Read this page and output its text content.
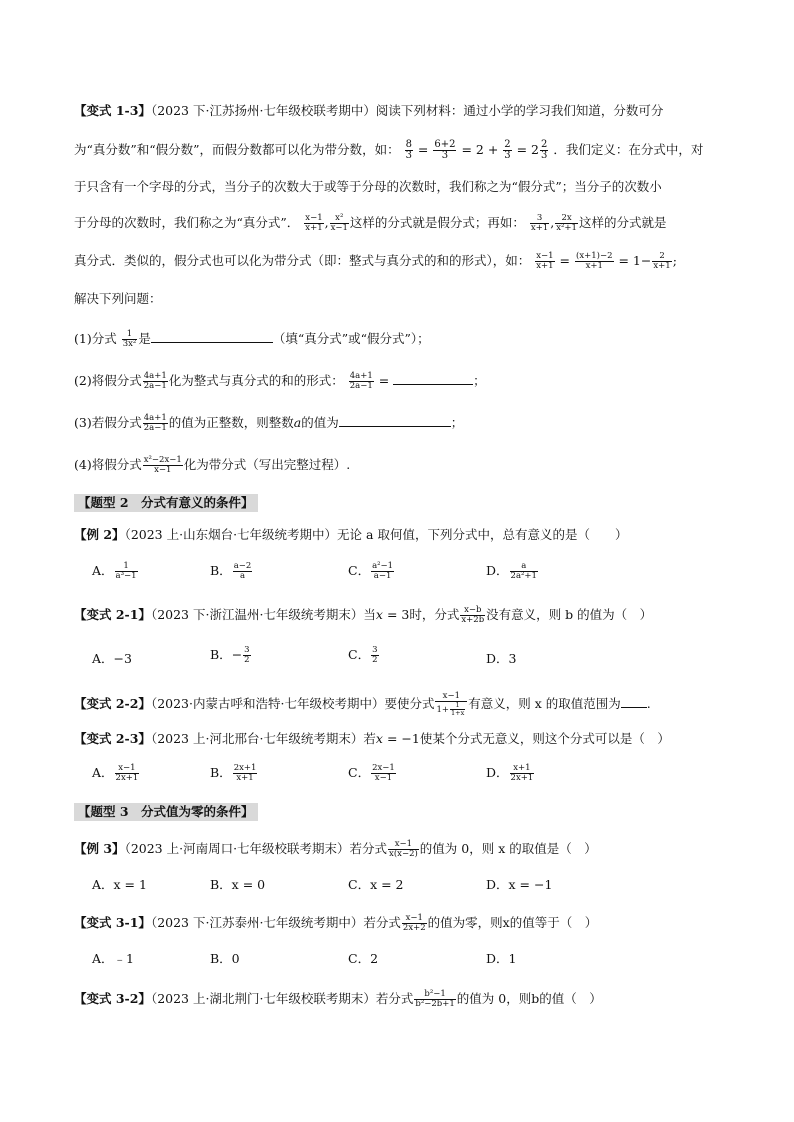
【变式 1-3】（2023 下·江苏扬州·七年级校联考期中）阅读下列材料：通过小学的学习我们知道，分数可分
为“真分数”和“假分数”，而假分数都可以化为带分数，如： $\frac{8}{3} = \frac{6+2}{3} = 2 + \frac{2}{3} = 2 \frac{2}{3}$ ．我们定义：在分式中，对
于只含有一个字母的分式，当分子的次数大于或等于分母的次数时，我们称之为“假分式”；当分子的次数小
于分母的次数时，我们称之为“真分式”． $\frac{x-1}{x+1}$ , $\frac{\text{x²}}{x-1}$ 这样的分式就是假分式；再如： $\frac{3}{x+1}$ , $\frac{2x}{\text{x²+1}}$ 这样的分式就是
真分式．类似的，假分式也可以化为带分式（即：整式与真分式的和的形式），如： $\frac{x-1}{x+1} = \frac{(x+1)-2}{x+1} = 1- \frac{2}{x+1}$ ;
解决下列问题：
(1)分式 $\frac{1}{\text{3x²}}$ 是	（填“真分式”或“假分式”）；
(2)将假分式 $\frac{4a+1}{2a-1}$ 化为整式与真分式的和的形式： $\frac{4a+1}{2a-1}$ =	；
(3)若假分式 $\frac{4a+1}{2a-1}$ 的值为正整数，则整数a的值为	；
(4)将假分式 $\frac{\text{x²−2x−1}}{x-1}$ 化为带分式（写出完整过程）.
【题型 2　分式有意义的条件】
【例 2】（2023 上·山东烟台·七年级统考期中）无论 a 取何值，下列分式中，总有意义的是（　　）
A． $\frac{1}{\text{a³−1}}$	B． $\frac{a-2}{a}$	C． $\frac{\text{a²−1}}{a-1}$	D． $\frac{a}{\text{2a²+1}}$
【变式 2-1】（2023 下·浙江温州·七年级统考期末）当x = 3时，分式 $\frac{x-b}{x+2b}$ 没有意义，则 b 的值为（　）
A．−3	B．− $\frac{3}{2}$	C． $\frac{3}{2}$	D．3
【变式 2-2】（2023·内蒙古呼和浩特·七年级校考期中）要使分式 $\frac{x-1}{1+ \frac{1}{1+x}}$ 有意义，则 x 的取值范围为 .
【变式 2-3】（2023 上·河北邢台·七年级统考期末）若x = −1使某个分式无意义，则这个分式可以是（　）
A． $\frac{x-1}{2x+1}$	B． $\frac{2x+1}{x+1}$	C． $\frac{2x-1}{x-1}$	D． $\frac{x+1}{2x+1}$
【题型 3　分式值为零的条件】
【例 3】（2023 上·河南周口·七年级校联考期末）若分式 $\frac{x-1}{x(x-2)}$ 的值为 0，则 x 的取值是（　）
A．x = 1	B．x = 0	C．x = 2	D．x = −1
【变式 3-1】（2023 下·江苏泰州·七年级统考期中）若分式 $\frac{x-1}{2x+2}$ 的值为零，则x的值等于（　）
A．﹣1	B．0	C．2	D．1
【变式 3-2】（2023 上·湖北荆门·七年级校联考期末）若分式 $\frac{\text{b²−1}}{\text{b²−2b+1}}$ 的值为 0，则b的值（　）
